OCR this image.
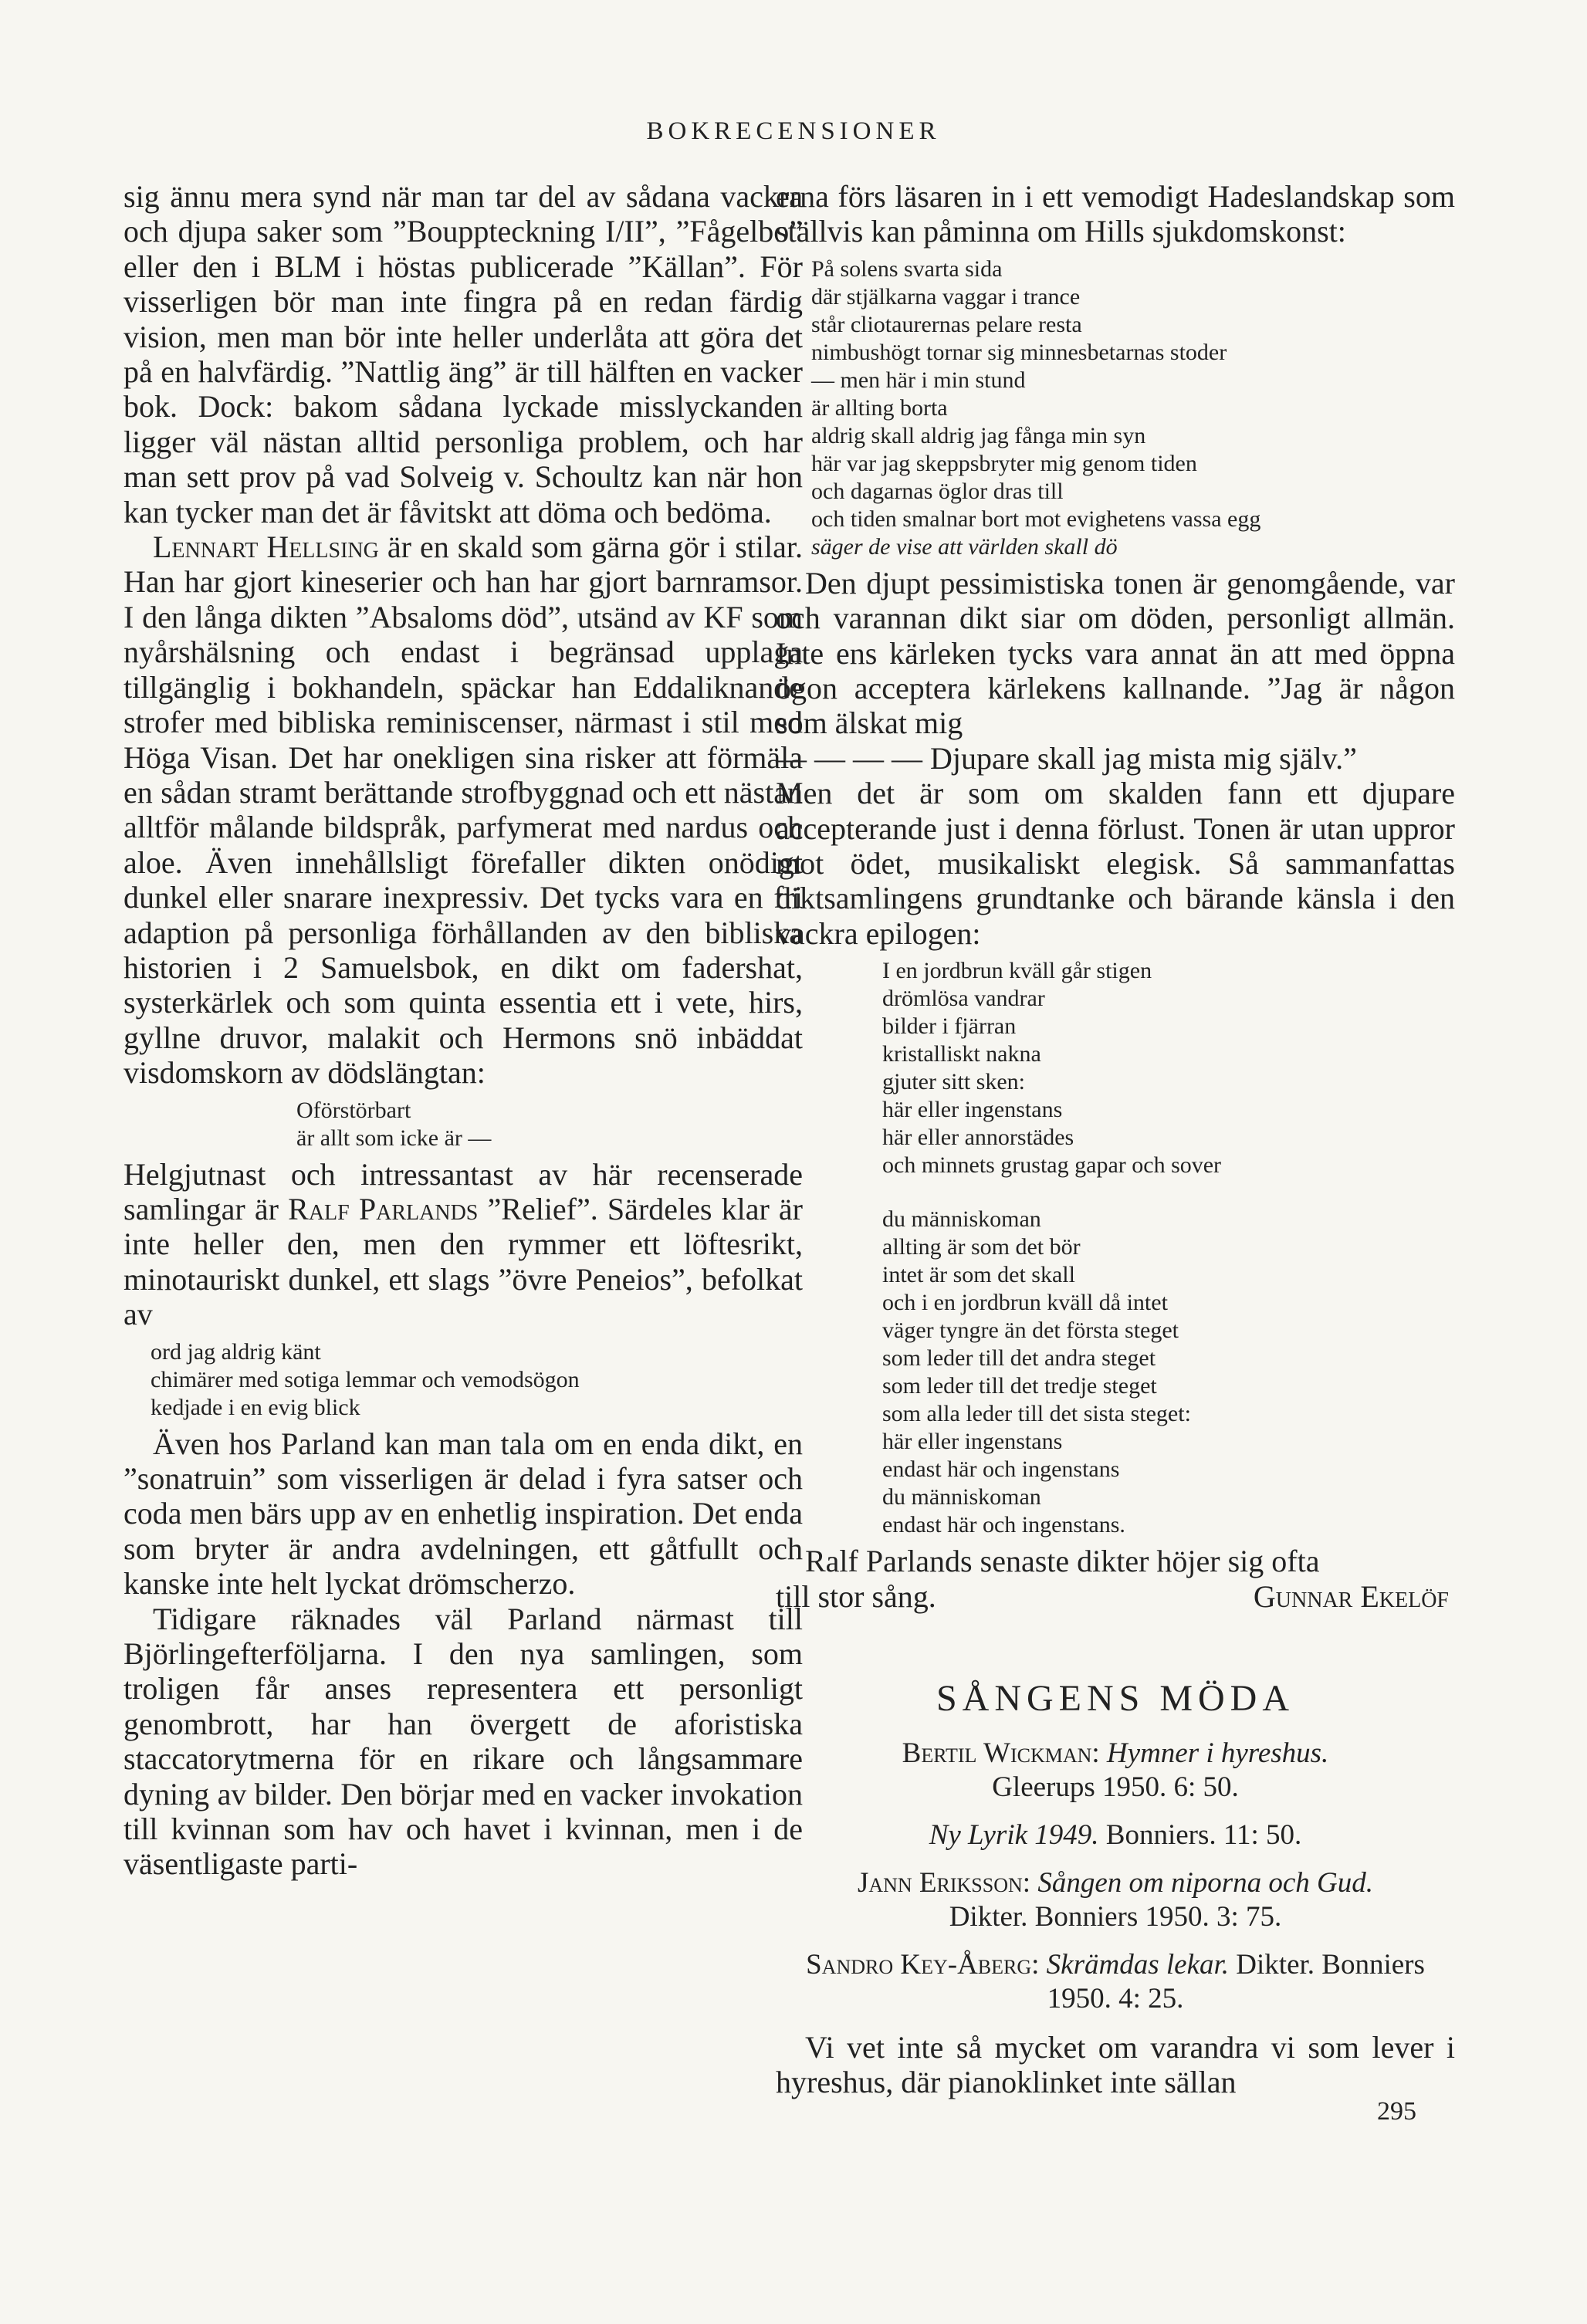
BOKRECENSIONER

sig ännu mera synd när man tar del av sådana vackra och djupa saker som ”Bouppteckning I/II”, ”Fågelbo” eller den i BLM i höstas publicerade ”Källan”. För visserligen bör man inte fingra på en redan färdig vision, men man bör inte heller underlåta att göra det på en halvfärdig. ”Nattlig äng” är till hälften en vacker bok. Dock: bakom sådana lyckade misslyckanden ligger väl nästan alltid personliga problem, och har man sett prov på vad Solveig v. Schoultz kan när hon kan tycker man det är fåvitskt att döma och bedöma.

Lennart Hellsing är en skald som gärna gör i stilar. Han har gjort kineserier och han har gjort barnramsor. I den långa dikten ”Absaloms död”, utsänd av KF som nyårshälsning och endast i begränsad upplaga tillgänglig i bokhandeln, späckar han Eddaliknande strofer med bibliska reminiscenser, närmast i stil med Höga Visan. Det har onekligen sina risker att förmäla en sådan stramt berättande strofbyggnad och ett nästan alltför målande bildspråk, parfymerat med nardus och aloe. Även innehållsligt förefaller dikten onödigt dunkel eller snarare inexpressiv. Det tycks vara en fri adaption på personliga förhållanden av den bibliska historien i 2 Samuelsbok, en dikt om fadershat, systerkärlek och som quinta essentia ett i vete, hirs, gyllne druvor, malakit och Hermons snö inbäddat visdomskorn av dödslängtan:

Oförstörbart
är allt som icke är —

Helgjutnast och intressantast av här recenserade samlingar är Ralf Parlands ”Relief”. Särdeles klar är inte heller den, men den rymmer ett löftesrikt, minotauriskt dunkel, ett slags ”övre Peneios”, befolkat av

ord jag aldrig känt
chimärer med sotiga lemmar och vemodsögon
kedjade i en evig blick

Även hos Parland kan man tala om en enda dikt, en ”sonatruin” som visserligen är delad i fyra satser och coda men bärs upp av en enhetlig inspiration. Det enda som bryter är andra avdelningen, ett gåtfullt och kanske inte helt lyckat drömscherzo.

Tidigare räknades väl Parland närmast till Björlingefterföljarna. I den nya samlingen, som troligen får anses representera ett personligt genombrott, har han övergett de aforistiska staccatorytmerna för en rikare och långsammare dyning av bilder. Den börjar med en vacker invokation till kvinnan som hav och havet i kvinnan, men i de väsentligaste parti-

erna förs läsaren in i ett vemodigt Hadeslandskap som ställvis kan påminna om Hills sjukdomskonst:

På solens svarta sida
där stjälkarna vaggar i trance
står cliotaurernas pelare resta
nimbushögt tornar sig minnesbetarnas stoder
— men här i min stund
är allting borta
aldrig skall aldrig jag fånga min syn
här var jag skeppsbryter mig genom tiden
och dagarnas öglor dras till
och tiden smalnar bort mot evighetens vassa egg
säger de vise att världen skall dö

Den djupt pessimistiska tonen är genomgående, var och varannan dikt siar om döden, personligt allmän. Inte ens kärleken tycks vara annat än att med öppna ögon acceptera kärlekens kallnande. ”Jag är någon som älskat mig
— — — — Djupare skall jag mista mig själv.”
Men det är som om skalden fann ett djupare accepterande just i denna förlust. Tonen är utan uppror mot ödet, musikaliskt elegisk. Så sammanfattas diktsamlingens grundtanke och bärande känsla i den vackra epilogen:

I en jordbrun kväll går stigen
drömlösa vandrar
bilder i fjärran
kristalliskt nakna
gjuter sitt sken:
här eller ingenstans
här eller annorstädes
och minnets grustag gapar och sover
du människoman
allting är som det bör
intet är som det skall
och i en jordbrun kväll då intet
väger tyngre än det första steget
som leder till det andra steget
som leder till det tredje steget
som alla leder till det sista steget:
här eller ingenstans
endast här och ingenstans
du människoman
endast här och ingenstans.

Ralf Parlands senaste dikter höjer sig ofta

till stor sång.	Gunnar Ekelöf
SÅNGENS MÖDA
Bertil Wickman: Hymner i hyreshus.
Gleerups 1950. 6: 50.
Ny Lyrik 1949. Bonniers. 11: 50.
Jann Eriksson: Sången om niporna och Gud.
Dikter. Bonniers 1950. 3: 75.
Sandro Key-Åberg: Skrämdas lekar. Dikter. Bonniers 1950. 4: 25.

Vi vet inte så mycket om varandra vi som lever i hyreshus, där pianoklinket inte sällan

295
